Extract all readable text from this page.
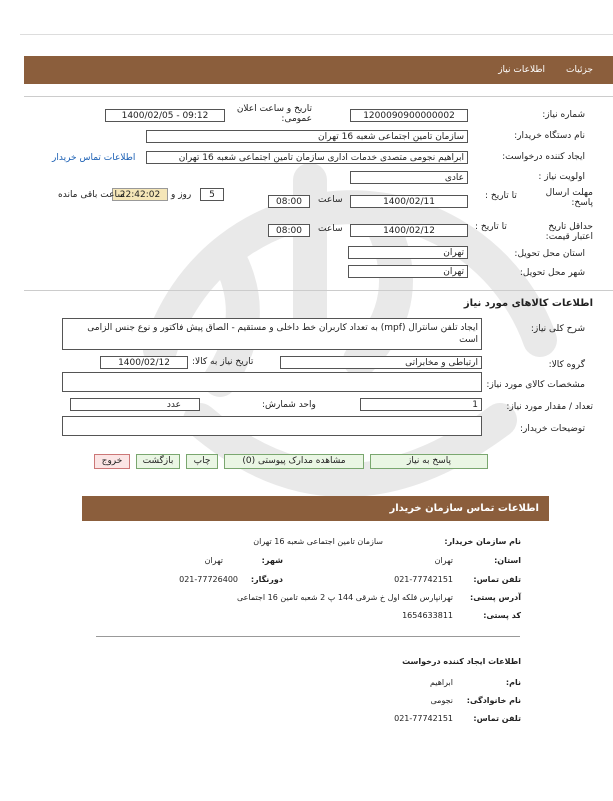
جزئیات
اطلاعات نیاز
شماره نیاز:
1200090900000002
تاریخ و ساعت اعلان عمومی:
1400/02/05 - 09:12
نام دستگاه خریدار:
سازمان تامین اجتماعی شعبه 16 تهران
ایجاد کننده درخواست:
ابراهیم نجومی متصدی خدمات اداری سازمان تامین اجتماعی شعبه 16 تهران
اطلاعات تماس خریدار
اولویت نیاز :
عادی
مهلت ارسال پاسخ:
تا تاریخ :
1400/02/11
ساعت
08:00
5
روز و
22:42:02
ساعت باقی مانده
حداقل تاریخ اعتبار قیمت:
تا تاریخ :
1400/02/12
ساعت
08:00
استان محل تحویل:
تهران
شهر محل تحویل:
تهران
اطلاعات کالاهای مورد نیاز
شرح کلی نیاز:
ایجاد تلفن سانترال (mpf) به تعداد کاربران خط داخلی و مستقیم - الصاق پیش فاکتور و نوع جنس الزامی است
گروه کالا:
ارتباطی و مخابراتی
تاریخ نیاز به کالا:
1400/02/12
مشخصات کالای مورد نیاز:
تعداد / مقدار مورد نیاز:
1
واحد شمارش:
عدد
توضیحات خریدار:
پاسخ به نیاز
مشاهده مدارک پیوستی (0)
چاپ
بازگشت
خروج
اطلاعات تماس سازمان خریدار
نام سازمان خریدار:
سازمان تامین اجتماعی شعبه 16 تهران
استان:
تهران
شهر:
تهران
تلفن تماس:
021-77742151
دورنگار:
021-77726400
آدرس پستی:
تهرانپارس فلکه اول خ شرقی 144 پ 2 شعبه تامین 16 اجتماعی
کد پستی:
1654633811
اطلاعات ایجاد کننده درخواست
نام:
ابراهیم
نام خانوادگی:
نجومی
تلفن تماس:
021-77742151
